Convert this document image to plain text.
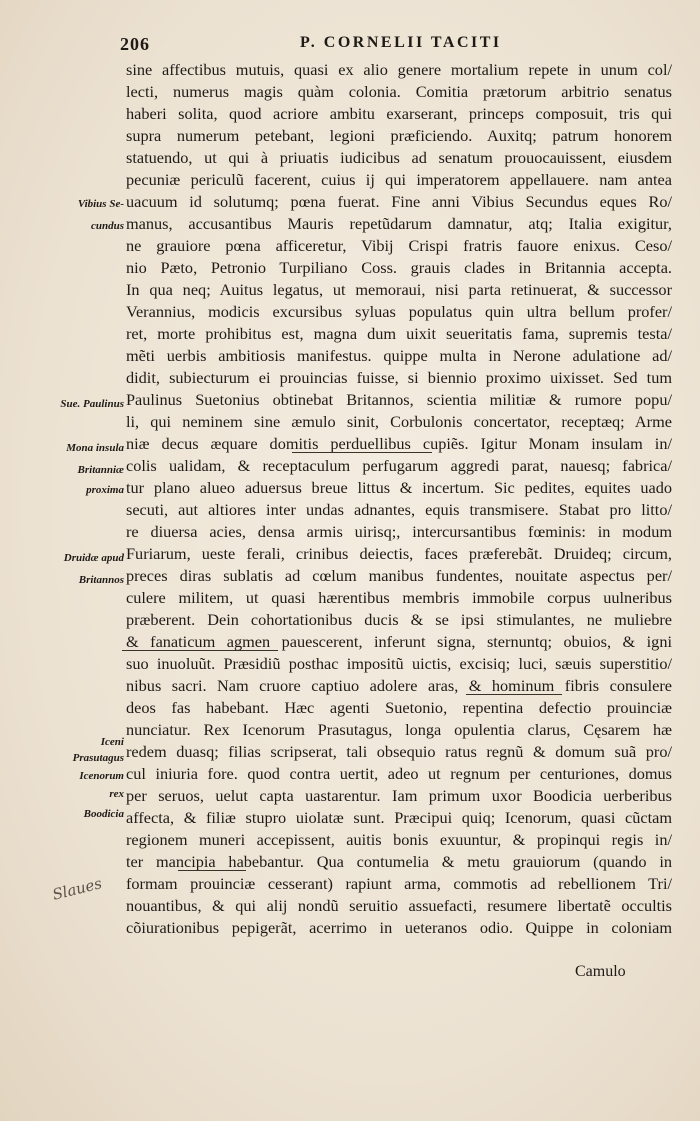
206	P. CORNELII TACITI
sine affectibus mutuis, quasi ex alio genere mortalium repete in unum col/
lecti, numerus magis quàm colonia. Comitia prætorum arbitrio senatus
haberi solita, quod acriore ambitu exarserant, princeps composuit, tris qui
supra numerum petebant, legioni præficiendo. Auxitq; patrum honorem
statuendo, ut qui à priuatis iudicibus ad senatum prouocauissent, eiusdem
pecuniæ periculũ facerent, cuius ij qui imperatorem appellauere. nam antea
uacuum id solutumq; pœna fuerat. Fine anni Vibius Secundus eques Ro/
manus, accusantibus Mauris repetũdarum damnatur, atq; Italia exigitur,
ne grauiore pœna afficeretur, Vibij Crispi fratris fauore enixus. Ceso/
nio Pæto, Petronio Turpiliano Coss. grauis clades in Britannia accepta.
In qua neq; Auitus legatus, ut memoraui, nisi parta retinuerat, & successor
Verannius, modicis excursibus syluas populatus quin ultra bellum profer/
ret, morte prohibitus est, magna dum uixit seueritatis fama, supremis testa/
mẽti uerbis ambitiosis manifestus. quippe multa in Nerone adulatione ad/
didit, subiecturum ei prouincias fuisse, si biennio proximo uixisset. Sed tum
Paulinus Suetonius obtinebat Britannos, scientia militiæ & rumore popu/
li, qui neminem sine æmulo sinit, Corbulonis concertator, receptæq; Arme
niæ decus æquare domitis perduellibus cupiẽs. Igitur Monam insulam in/
colis ualidam, & receptaculum perfugarum aggredi parat, nauesq; fabrica/
tur plano alueo aduersus breue littus & incertum. Sic pedites, equites uado
secuti, aut altiores inter undas adnantes, equis transmisere. Stabat pro litto/
re diuersa acies, densa armis uirisq;, intercursantibus fœminis: in modum
Furiarum, ueste ferali, crinibus deiectis, faces præferebãt. Druideq; circum,
preces diras sublatis ad cœlum manibus fundentes, nouitate aspectus per/
culere militem, ut quasi hærentibus membris immobile corpus uulneribus
præberent. Dein cohortationibus ducis & se ipsi stimulantes, ne muliebre
& fanaticum agmen pauescerent, inferunt signa, sternuntq; obuios, & igni
suo inuoluũt. Præsidiũ posthac impositũ uictis, excisiq; luci, sæuis superstitio/
nibus sacri. Nam cruore captiuo adolere aras, & hominum fibris consulere
deos fas habebant. Hæc agenti Suetonio, repentina defectio prouinciæ
nunciatur. Rex Icenorum Prasutagus, longa opulentia clarus, Cęsarem hæ
redem duasq; filias scripserat, tali obsequio ratus regnũ & domum suã pro/
cul iniuria fore. quod contra uertit, adeo ut regnum per centuriones, domus
per seruos, uelut capta uastarentur. Iam primum uxor Boodicia uerberibus
affecta, & filiæ stupro uiolatæ sunt. Præcipui quiq; Icenorum, quasi cũctam
regionem muneri accepissent, auitis bonis exuuntur, & propinqui regis in/
ter mancipia habebantur. Qua contumelia & metu grauiorum (quando in
formam prouinciæ cesserant) rapiunt arma, commotis ad rebellionem Tri/
nouantibus, & qui alij nondũ seruitio assuefacti, resumere libertatẽ occultis
cõiurationibus pepigerãt, acerrimo in ueteranos odio. Quippe in coloniam
Camulo
Vibius Se-
cundus
Sue. Paulinus
Mona insula
Britanniæ
proxima
Druidæ apud
Britannos
Iceni
Prasutagus
Icenorum
rex
Boodicia
Slaues
